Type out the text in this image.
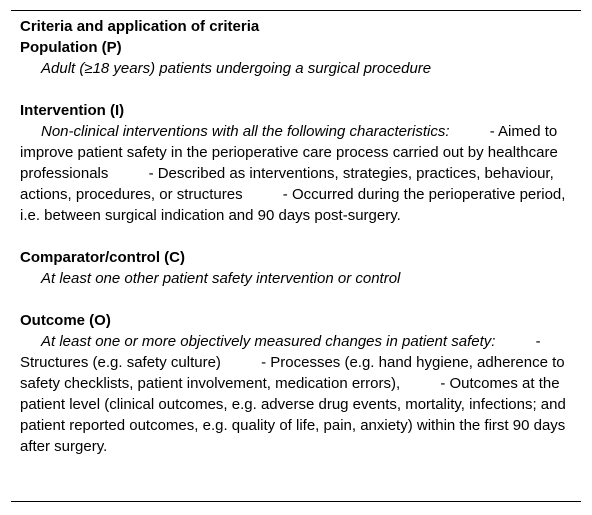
Criteria and application of criteria

Population (P)

Adult (≥18 years) patients undergoing a surgical procedure

Intervention (I)

Non-clinical interventions with all the following characteristics:	- Aimed to improve patient safety in the perioperative care process carried out by healthcare professionals	- Described as interventions, strategies, practices, behaviour, actions, procedures, or structures	- Occurred during the perioperative period, i.e. between surgical indication and 90 days post-surgery.

Comparator/control (C)

At least one other patient safety intervention or control

Outcome (O)

At least one or more objectively measured changes in patient safety:	- Structures (e.g. safety culture)	- Processes (e.g. hand hygiene, adherence to safety checklists, patient involvement, medication errors),	- Outcomes at the patient level (clinical outcomes, e.g. adverse drug events, mortality, infections; and patient reported outcomes, e.g. quality of life, pain, anxiety) within the first 90 days after surgery.
